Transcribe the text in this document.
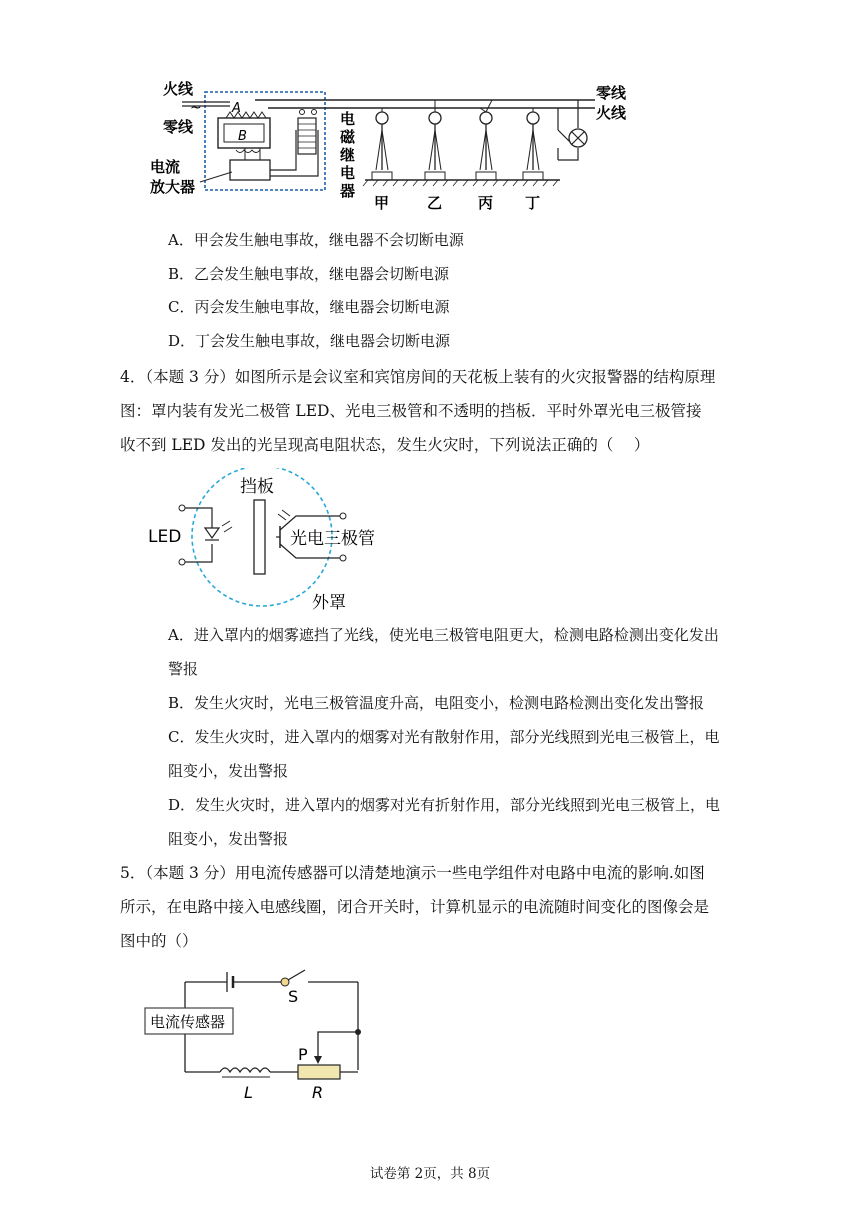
火线
零线
~ A
B
电流
放大器
电
磁
继
电
器
甲	乙 丙 丁
零线
火线
A．甲会发生触电事故，继电器不会切断电源
B．乙会发生触电事故，继电器会切断电源
C．丙会发生触电事故，继电器会切断电源
D．丁会发生触电事故，继电器会切断电源
4．（本题 3 分）如图所示是会议室和宾馆房间的天花板上装有的火灾报警器的结构原理
图：罩内装有发光二极管 LED、光电三极管和不透明的挡板．平时外罩光电三极管接
收不到 LED 发出的光呈现高电阻状态，发生火灾时，下列说法正确的（　 ）
LED
挡板
光电三极管
外罩
A．进入罩内的烟雾遮挡了光线，使光电三极管电阻更大，检测电路检测出变化发出
警报
B．发生火灾时，光电三极管温度升高，电阻变小，检测电路检测出变化发出警报
C．发生火灾时，进入罩内的烟雾对光有散射作用，部分光线照到光电三极管上，电
阻变小，发出警报
D．发生火灾时，进入罩内的烟雾对光有折射作用，部分光线照到光电三极管上，电
阻变小，发出警报
5．（本题 3 分）用电流传感器可以清楚地演示一些电学组件对电路中电流的影响.如图
所示，在电路中接入电感线圈，闭合开关时，计算机显示的电流随时间变化的图像会是
图中的（）
S
电流传感器
L	R
P
试卷第 2页，共 8页
